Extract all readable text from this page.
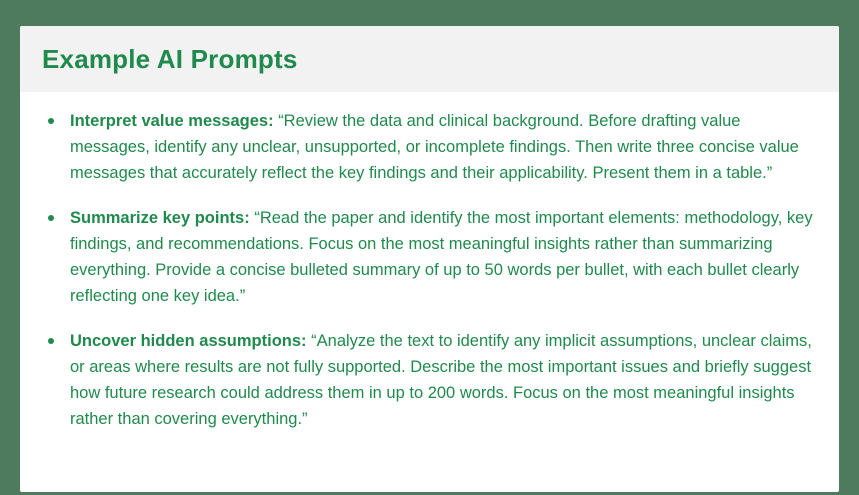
Example AI Prompts
Interpret value messages: “Review the data and clinical background. Before drafting value messages, identify any unclear, unsupported, or incomplete findings. Then write three concise value messages that accurately reflect the key findings and their applicability. Present them in a table.”
Summarize key points: “Read the paper and identify the most important elements: methodology, key findings, and recommendations. Focus on the most meaningful insights rather than summarizing everything. Provide a concise bulleted summary of up to 50 words per bullet, with each bullet clearly reflecting one key idea.”
Uncover hidden assumptions: “Analyze the text to identify any implicit assumptions, unclear claims, or areas where results are not fully supported. Describe the most important issues and briefly suggest how future research could address them in up to 200 words. Focus on the most meaningful insights rather than covering everything.”
